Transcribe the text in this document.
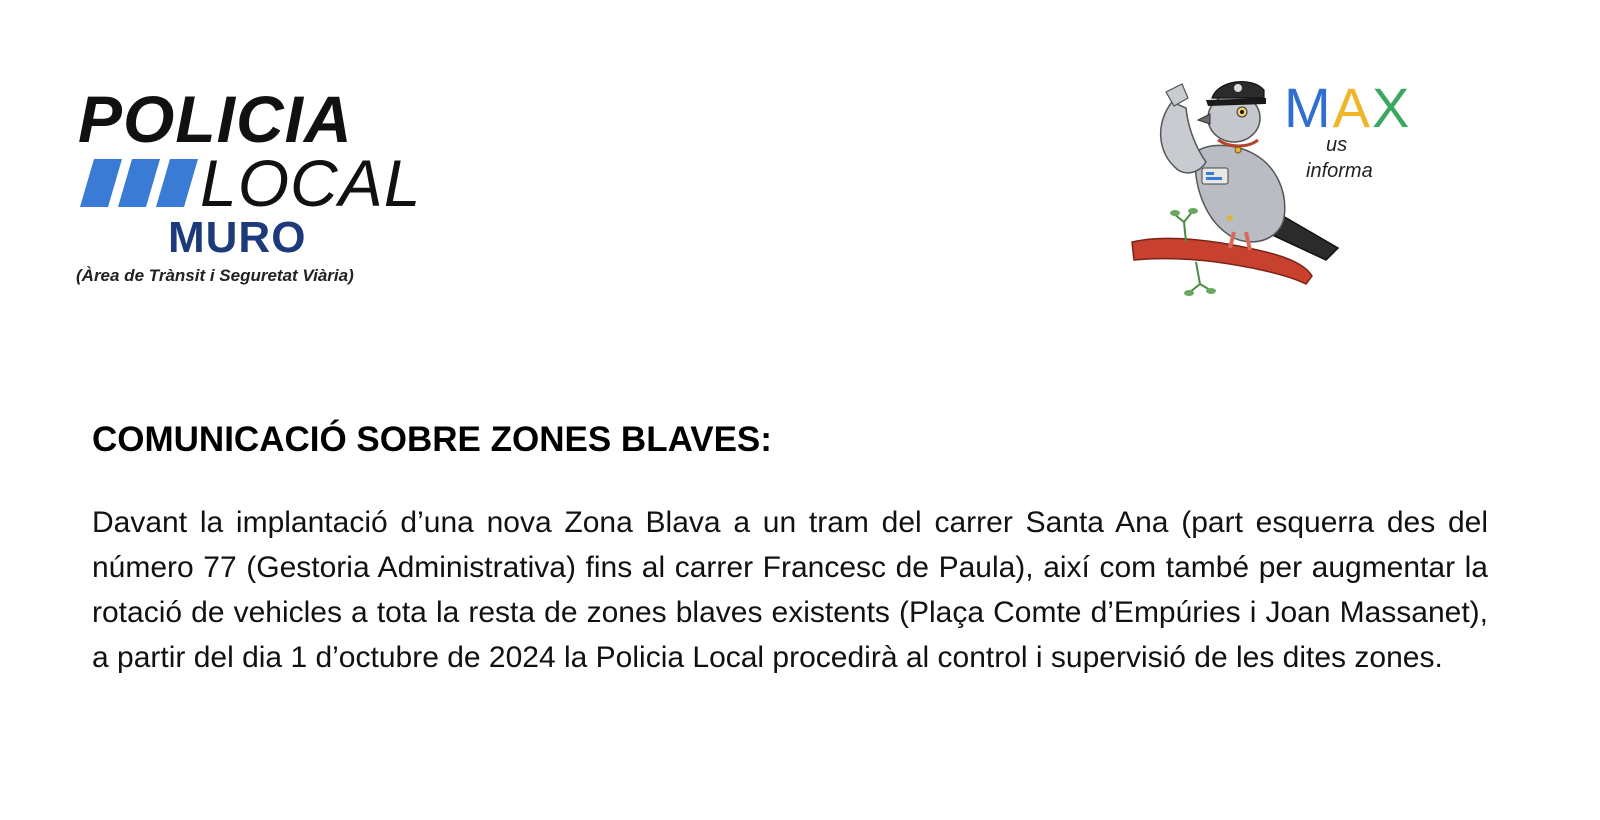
POLICIA
LOCAL
MURO
(Àrea de Trànsit i Seguretat Viària)
MAX
us
informa
COMUNICACIÓ SOBRE ZONES BLAVES:

Davant la implantació d’una nova Zona Blava a un tram del carrer Santa Ana (part esquerra des del número 77 (Gestoria Administrativa) fins al carrer Francesc de Paula), així com també per augmentar la rotació de vehicles a tota la resta de zones blaves existents (Plaça Comte d’Empúries i Joan Massanet), a partir del dia 1 d’octubre de 2024 la Policia Local procedirà al control i supervisió de les dites zones.
